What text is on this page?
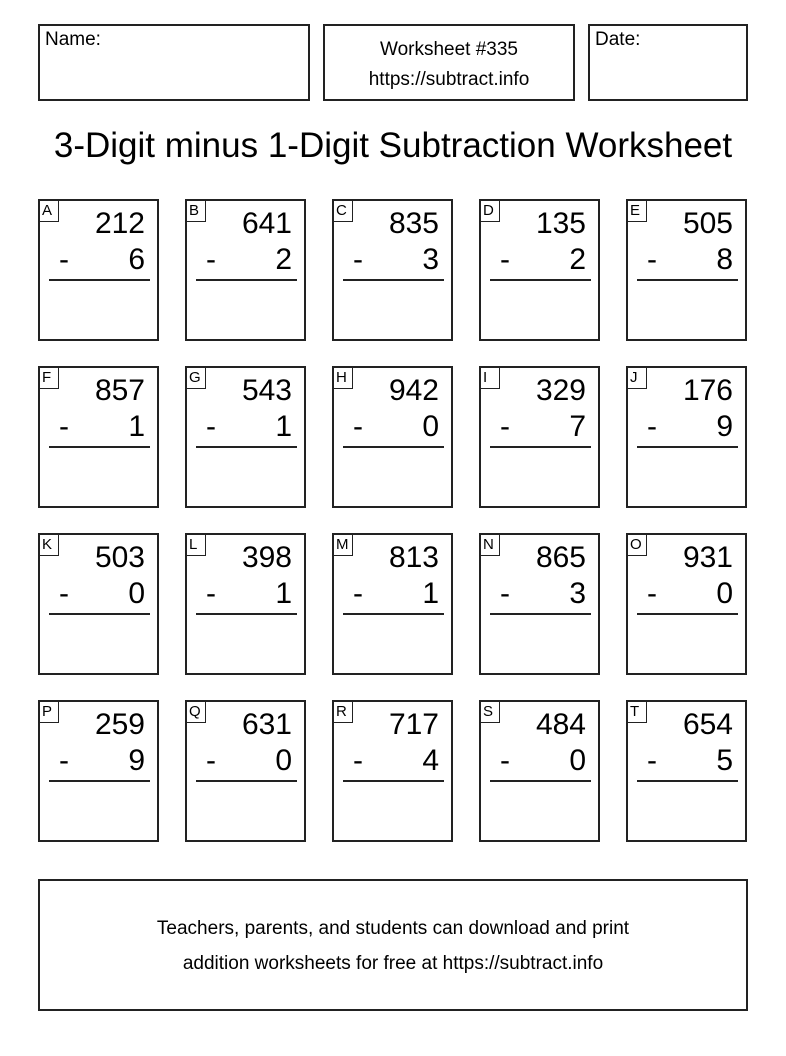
Name:	Worksheet #335
https://subtract.info
Date:
3-Digit minus 1-Digit Subtraction Worksheet
A 212
- 6
B 641
- 2
C 835
- 3
D 135
- 2
E 505
- 8
F 857
- 1
G 543
- 1
H 942
- 0
I	329
- 7
J	176
- 9
K 503
- 0
L 398
- 1
M 813
- 1
N 865
- 3
O 931
- 0
P 259
- 9
Q 631
- 0
R 717
- 4
S 484
- 0
T 654
- 5
Teachers, parents, and students can download and print
addition worksheets for free at https://subtract.info
